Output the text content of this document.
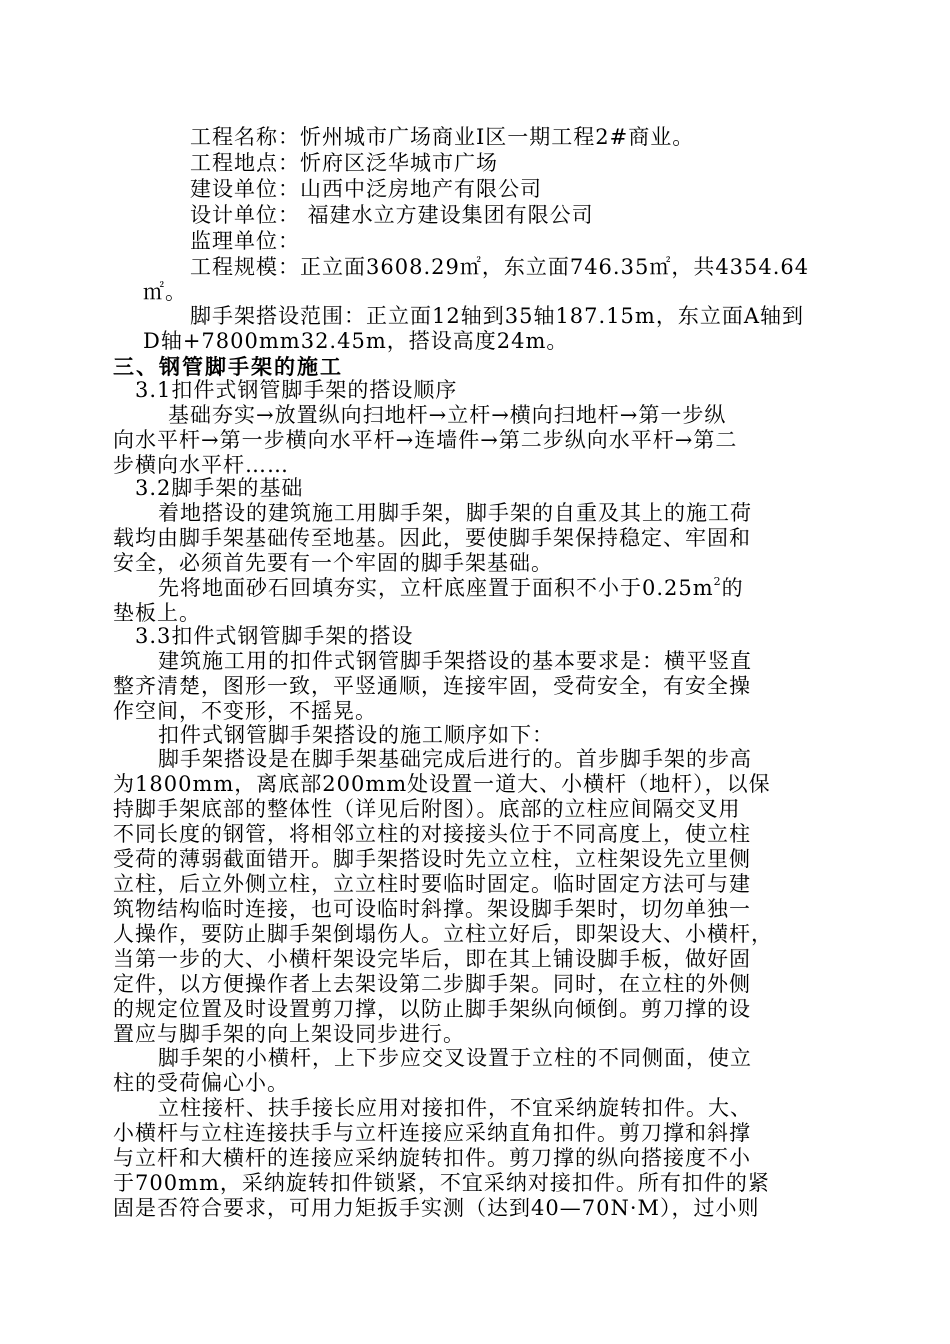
工程名称：忻州城市广场商业Ⅰ区一期工程2#商业。
工程地点：忻府区泛华城市广场
建设单位：山西中泛房地产有限公司
设计单位： 福建水立方建设集团有限公司
监理单位：
工程规模：正立面3608.29㎡，东立面746.35㎡，共4354.64
㎡。
脚手架搭设范围：正立面12轴到35轴187.15m，东立面A轴到
D轴+7800mm32.45m，搭设高度24m。
三、钢管脚手架的施工
3.1扣件式钢管脚手架的搭设顺序
基础夯实→放置纵向扫地杆→立杆→横向扫地杆→第一步纵
向水平杆→第一步横向水平杆→连墙件→第二步纵向水平杆→第二
步横向水平杆……
3.2脚手架的基础
着地搭设的建筑施工用脚手架，脚手架的自重及其上的施工荷
载均由脚手架基础传至地基。因此，要使脚手架保持稳定、牢固和
安全，必须首先要有一个牢固的脚手架基础。
先将地面砂石回填夯实，立杆底座置于面积不小于$0.25m^2$的
垫板上。
3.3扣件式钢管脚手架的搭设
建筑施工用的扣件式钢管脚手架搭设的基本要求是：横平竖直
整齐清楚，图形一致，平竖通顺，连接牢固，受荷安全，有安全操
作空间，不变形，不摇晃。
扣件式钢管脚手架搭设的施工顺序如下：
脚手架搭设是在脚手架基础完成后进行的。首步脚手架的步高
为1800mm，离底部200mm处设置一道大、小横杆（地杆），以保
持脚手架底部的整体性（详见后附图）。底部的立柱应间隔交叉用
不同长度的钢管，将相邻立柱的对接接头位于不同高度上，使立柱
受荷的薄弱截面错开。脚手架搭设时先立立柱，立柱架设先立里侧
立柱，后立外侧立柱，立立柱时要临时固定。临时固定方法可与建
筑物结构临时连接，也可设临时斜撑。架设脚手架时，切勿单独一
人操作，要防止脚手架倒塌伤人。立柱立好后，即架设大、小横杆，
当第一步的大、小横杆架设完毕后，即在其上铺设脚手板，做好固
定件，以方便操作者上去架设第二步脚手架。同时，在立柱的外侧
的规定位置及时设置剪刀撑，以防止脚手架纵向倾倒。剪刀撑的设
置应与脚手架的向上架设同步进行。
脚手架的小横杆，上下步应交叉设置于立柱的不同侧面，使立
柱的受荷偏心小。
立柱接杆、扶手接长应用对接扣件，不宜采纳旋转扣件。大、
小横杆与立柱连接扶手与立杆连接应采纳直角扣件。剪刀撑和斜撑
与立杆和大横杆的连接应采纳旋转扣件。剪刀撑的纵向搭接度不小
于700mm，采纳旋转扣件锁紧，不宜采纳对接扣件。所有扣件的紧
固是否符合要求，可用力矩扳手实测（达到40—70N·M），过小则
